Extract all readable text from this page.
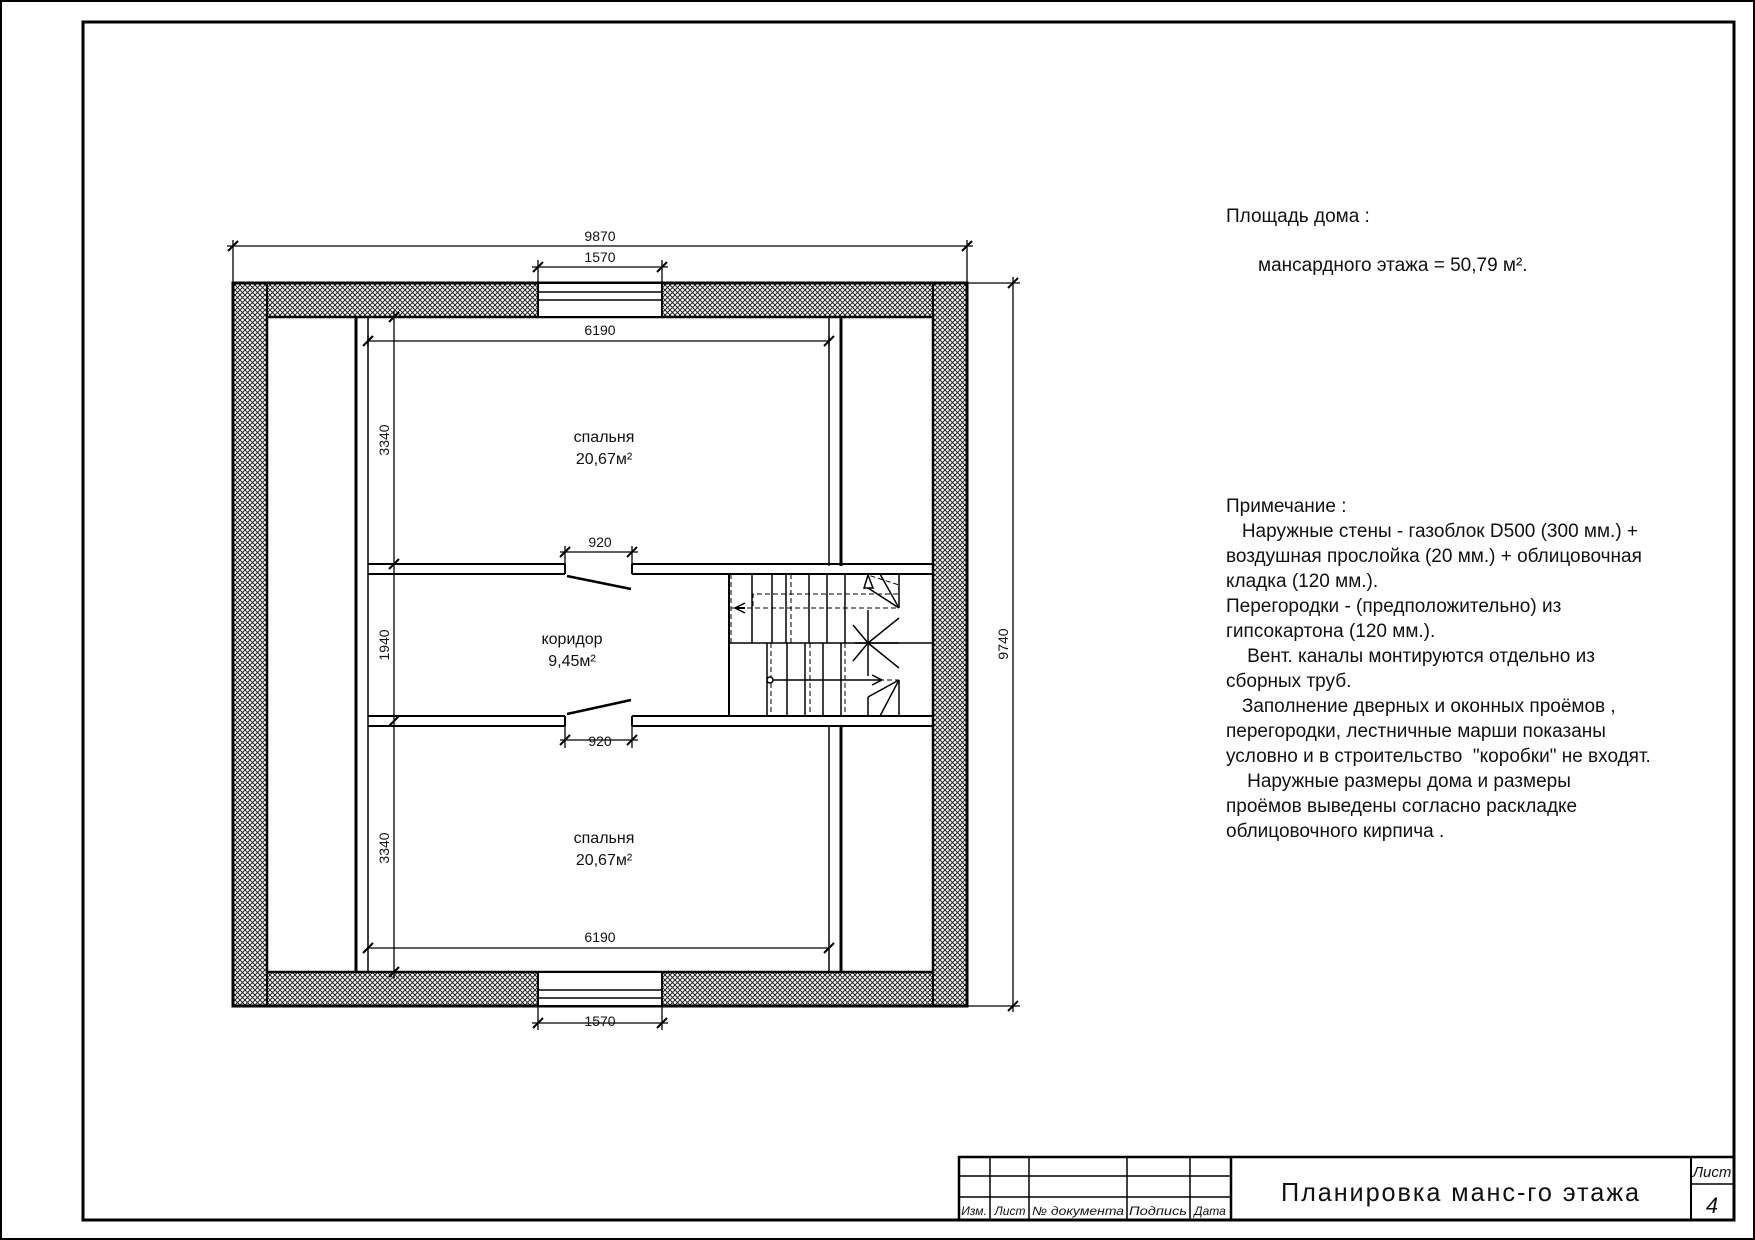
9870
1570
1570
6190
6190
920
920
9740
3340
1940
3340
спальня
20,67м²
коридор
9,45м²
спальня
20,67м²
Изм. Лист № документа Подпись Дата
Планировка манс-го этажа
Лист
4

Площадь дома :

мансардного этажа = 50,79 м².

Примечание :

Наружные стены - газоблок D500 (300 мм.) +

воздушная прослойка (20 мм.) + облицовочная

кладка (120 мм.).

Перегородки - (предположительно) из

гипсокартона (120 мм.).

Вент. каналы монтируются отдельно из

сборных труб.

Заполнение дверных и оконных проёмов ,

перегородки, лестничные марши показаны

условно и в строительство  "коробки" не входят.

Наружные размеры дома и размеры

проёмов выведены согласно раскладке

облицовочного кирпича .
